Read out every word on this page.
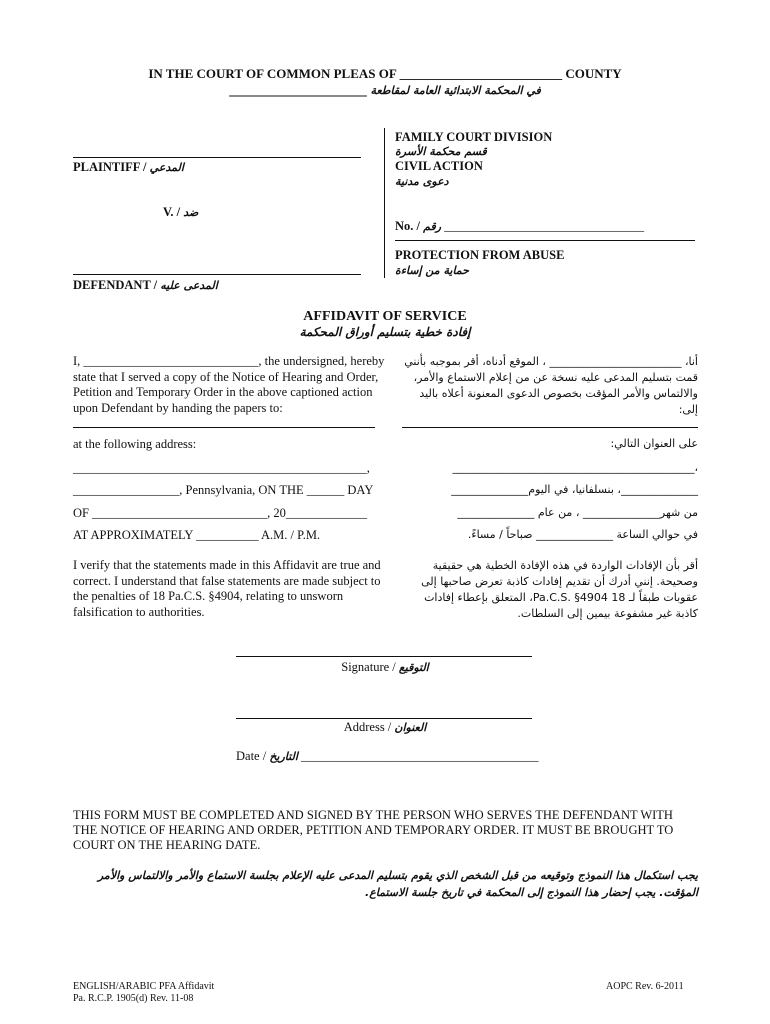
IN THE COURT OF COMMON PLEAS OF _________________________ COUNTY
في المحكمة الابتدائية العامة لمقاطعة _________________________
PLAINTIFF / المدعي
V. / ضد
DEFENDANT / المدعى عليه
FAMILY COURT DIVISION
قسم محكمة الأسرة
CIVIL ACTION
دعوى مدنية
No. / رقم ________________________________
PROTECTION FROM ABUSE
حماية من إساءة
AFFIDAVIT OF SERVICE
إفادة خطية بتسليم أوراق المحكمة
I, ____________________________, the undersigned, hereby state that I served a copy of the Notice of Hearing and Order, Petition and Temporary Order in the above captioned action upon Defendant by handing the papers to:
أنا، ________________________ ، الموقع أدناه، أقر بموجبه بأنني قمت بتسليم المدعى عليه نسخة عن من إعلام الاستماع والأمر، والالتماس والأمر المؤقت بخصوص الدعوى المعنونة أعلاه باليد إلى:
at the following address:	على العنوان التالي:
_______________________________________________,	،____________________________________________
_________________, Pennsylvania, ON THE ______ DAY	______________، بنسلفانيا، في اليوم______________
OF ____________________________, 20_____________	من شهر______________ ، من عام ______________
AT APPROXIMATELY __________ A.M. / P.M.	في حوالي الساعة ______________ صباحاً / مساءً.
I verify that the statements made in this Affidavit are true and correct. I understand that false statements are made subject to the penalties of 18 Pa.C.S. §4904, relating to unsworn falsification to authorities.
أقر بأن الإفادات الواردة في هذه الإفادة الخطية هي حقيقية وصحيحة. إنني أدرك أن تقديم إفادات كاذبة تعرض صاحبها إلى عقوبات طبقاً لـ 18 Pa.C.S. §4904، المتعلق بإعطاء إفادات كاذبة غير مشفوعة بيمين إلى السلطات.
Signature / التوقيع
Address / العنوان
Date / التاريخ ______________________________________
THIS FORM MUST BE COMPLETED AND SIGNED BY THE PERSON WHO SERVES THE DEFENDANT WITH THE NOTICE OF HEARING AND ORDER, PETITION AND TEMPORARY ORDER. IT MUST BE BROUGHT TO COURT ON THE HEARING DATE.
يجب استكمال هذا النموذج وتوقيعه من قبل الشخص الذي يقوم بتسليم المدعى عليه الإعلام بجلسة الاستماع والأمر والالتماس والأمر المؤقت. يجب إحضار هذا النموذج إلى المحكمة في تاريخ جلسة الاستماع.
ENGLISH/ARABIC PFA Affidavit
Pa. R.C.P. 1905(d) Rev. 11-08
AOPC Rev. 6-2011
